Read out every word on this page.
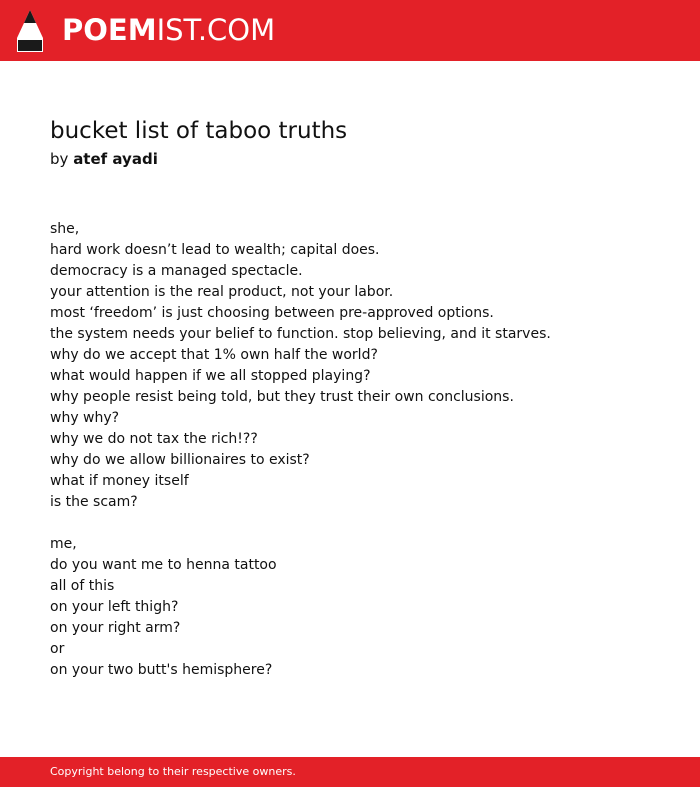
POEMIST.COM
bucket list of taboo truths
by atef ayadi
she,
hard work doesn’t lead to wealth; capital does.
democracy is a managed spectacle.
your attention is the real product, not your labor.
most ‘freedom’ is just choosing between pre-approved options.
the system needs your belief to function. stop believing, and it starves.
why do we accept that 1% own half the world?
what would happen if we all stopped playing?
why people resist being told, but they trust their own conclusions.
why why?
why we do not tax the rich!??
why do we allow billionaires to exist?
what if money itself
is the scam?
me,
do you want me to henna tattoo
all of this
on your left thigh?
on your right arm?
or
on your two butt's hemisphere?
Copyright belong to their respective owners.
